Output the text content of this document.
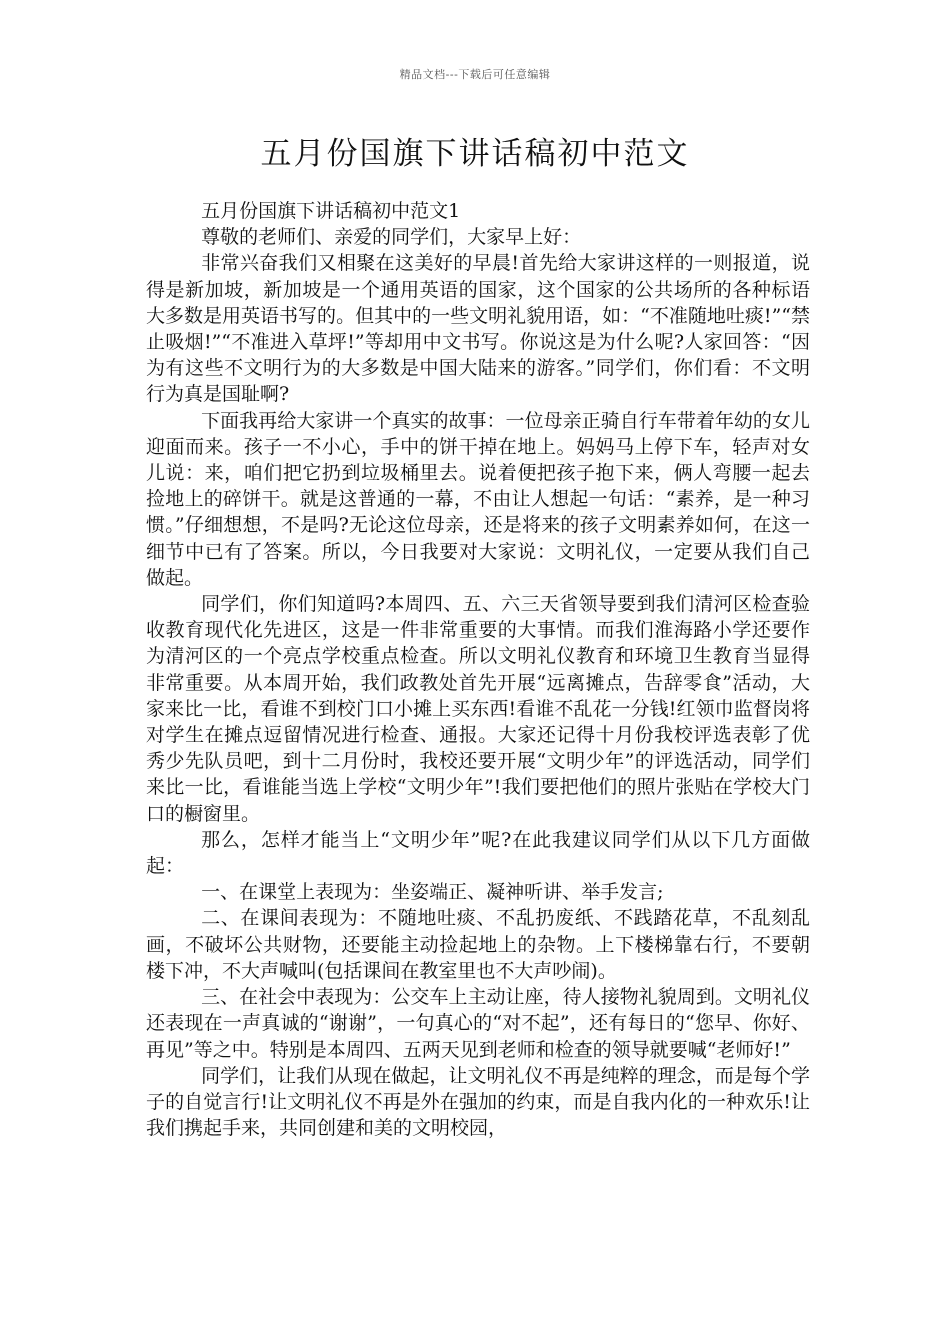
精品文档---下载后可任意编辑
五月份国旗下讲话稿初中范文

五月份国旗下讲话稿初中范文1

尊敬的老师们、亲爱的同学们，大家早上好：

非常兴奋我们又相聚在这美好的早晨!首先给大家讲这样的一则报道，说得是新加坡，新加坡是一个通用英语的国家，这个国家的公共场所的各种标语大多数是用英语书写的。但其中的一些文明礼貌用语，如：“不准随地吐痰!”“禁止吸烟!”“不准进入草坪!”等却用中文书写。你说这是为什么呢?人家回答：“因为有这些不文明行为的大多数是中国大陆来的游客。”同学们，你们看：不文明行为真是国耻啊?

下面我再给大家讲一个真实的故事：一位母亲正骑自行车带着年幼的女儿迎面而来。孩子一不小心，手中的饼干掉在地上。妈妈马上停下车，轻声对女儿说：来，咱们把它扔到垃圾桶里去。说着便把孩子抱下来，俩人弯腰一起去捡地上的碎饼干。就是这普通的一幕，不由让人想起一句话：“素养，是一种习惯。”仔细想想，不是吗?无论这位母亲，还是将来的孩子文明素养如何，在这一细节中已有了答案。所以，今日我要对大家说：文明礼仪，一定要从我们自己做起。

同学们，你们知道吗?本周四、五、六三天省领导要到我们清河区检查验收教育现代化先进区，这是一件非常重要的大事情。而我们淮海路小学还要作为清河区的一个亮点学校重点检查。所以文明礼仪教育和环境卫生教育当显得非常重要。从本周开始，我们政教处首先开展“远离摊点，告辞零食”活动，大家来比一比，看谁不到校门口小摊上买东西!看谁不乱花一分钱!红领巾监督岗将对学生在摊点逗留情况进行检查、通报。大家还记得十月份我校评选表彰了优秀少先队员吧，到十二月份时，我校还要开展“文明少年”的评选活动，同学们来比一比，看谁能当选上学校“文明少年”!我们要把他们的照片张贴在学校大门口的橱窗里。

那么，怎样才能当上“文明少年”呢?在此我建议同学们从以下几方面做起：

一、在课堂上表现为：坐姿端正、凝神听讲、举手发言;

二、在课间表现为：不随地吐痰、不乱扔废纸、不践踏花草，不乱刻乱画，不破坏公共财物，还要能主动捡起地上的杂物。上下楼梯靠右行，不要朝楼下冲，不大声喊叫(包括课间在教室里也不大声吵闹)。

三、在社会中表现为：公交车上主动让座，待人接物礼貌周到。文明礼仪还表现在一声真诚的“谢谢”，一句真心的“对不起”，还有每日的“您早、你好、再见”等之中。特别是本周四、五两天见到老师和检查的领导就要喊“老师好!”

同学们，让我们从现在做起，让文明礼仪不再是纯粹的理念，而是每个学子的自觉言行!让文明礼仪不再是外在强加的约束，而是自我内化的一种欢乐!让我们携起手来，共同创建和美的文明校园，
